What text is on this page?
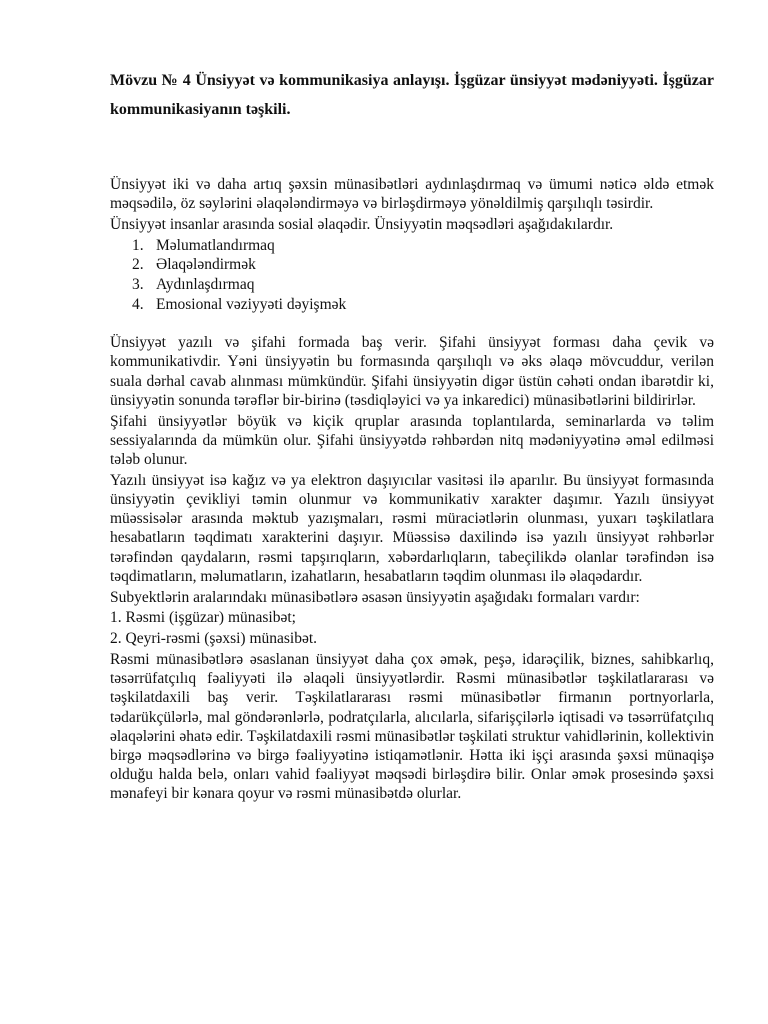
Mövzu № 4 Ünsiyyət və kommunikasiya anlayışı. İşgüzar ünsiyyət mədəniyyəti. İşgüzar kommunikasiyanın təşkili.

Ünsiyyət iki və daha artıq şəxsin münasibətləri aydınlaşdırmaq və ümumi nəticə əldə etmək məqsədilə, öz səylərini əlaqələndirməyə və birləşdirməyə yönəldilmiş qarşılıqlı təsirdir.

Ünsiyyət insanlar arasında sosial əlaqədir. Ünsiyyətin məqsədləri aşağıdakılardır.

1. Məlumatlandırmaq
2. Əlaqələndirmək
3. Aydınlaşdırmaq
4. Emosional vəziyyəti dəyişmək

Ünsiyyət yazılı və şifahi formada baş verir. Şifahi ünsiyyət forması daha çevik və kommunikativdir. Yəni ünsiyyətin bu formasında qarşılıqlı və əks əlaqə mövcuddur, verilən suala dərhal cavab alınması mümkündür. Şifahi ünsiyyətin digər üstün cəhəti ondan ibarətdir ki, ünsiyyətin sonunda tərəflər bir-birinə (təsdiqləyici və ya inkaredici) münasibətlərini bildirirlər.

Şifahi ünsiyyətlər böyük və kiçik qruplar arasında toplantılarda, seminarlarda və təlim sessiyalarında da mümkün olur. Şifahi ünsiyyətdə rəhbərdən nitq mədəniyyətinə əməl edilməsi tələb olunur.

Yazılı ünsiyyət isə kağız və ya elektron daşıyıcılar vasitəsi ilə aparılır. Bu ünsiyyət formasında ünsiyyətin çevikliyi təmin olunmur və kommunikativ xarakter daşımır. Yazılı ünsiyyət müəssisələr arasında məktub yazışmaları, rəsmi müraciətlərin olunması, yuxarı təşkilatlara hesabatların təqdimatı xarakterini daşıyır. Müəssisə daxilində isə yazılı ünsiyyət rəhbərlər tərəfindən qaydaların, rəsmi tapşırıqların, xəbərdarlıqların, tabeçilikdə olanlar tərəfindən isə təqdimatların, məlumatların, izahatların, hesabatların təqdim olunması ilə əlaqədardır.

Subyektlərin aralarındakı münasibətlərə əsasən ünsiyyətin aşağıdakı formaları vardır:

1. Rəsmi (işgüzar) münasibət;

2. Qeyri-rəsmi (şəxsi) münasibət.

Rəsmi münasibətlərə əsaslanan ünsiyyət daha çox əmək, peşə, idarəçilik, biznes, sahibkarlıq, təsərrüfatçılıq fəaliyyəti ilə əlaqəli ünsiyyətlərdir. Rəsmi münasibətlər təşkilatlararası və təşkilatdaxili baş verir. Təşkilatlararası rəsmi münasibətlər firmanın portnyorlarla, tədarükçülərlə, mal göndərənlərlə, podratçılarla, alıcılarla, sifarişçilərlə iqtisadi və təsərrüfatçılıq əlaqələrini əhatə edir. Təşkilatdaxili rəsmi münasibətlər təşkilati struktur vahidlərinin, kollektivin birgə məqsədlərinə və birgə fəaliyyətinə istiqamətlənir. Hətta iki işçi arasında şəxsi münaqişə olduğu halda belə, onları vahid fəaliyyət məqsədi birləşdirə bilir. Onlar əmək prosesində şəxsi mənafeyi bir kənara qoyur və rəsmi münasibətdə olurlar.
